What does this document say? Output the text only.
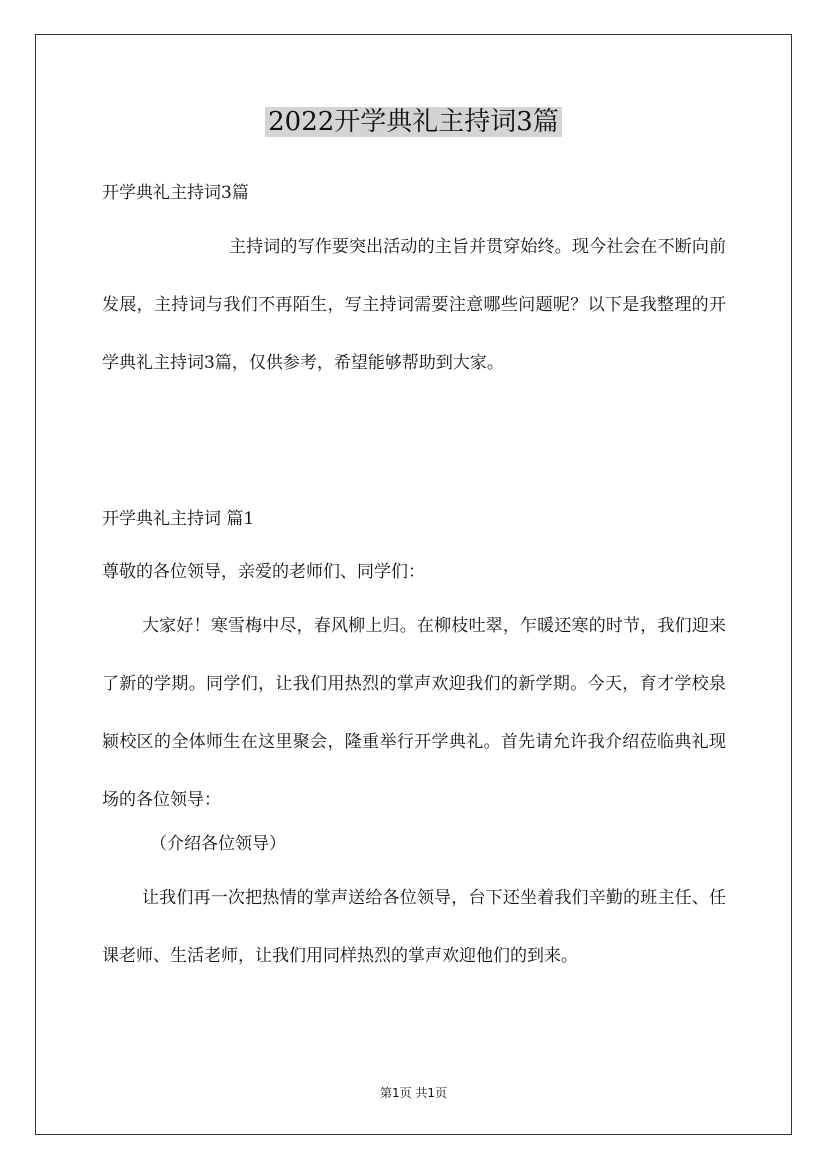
2022开学典礼主持词3篇
开学典礼主持词3篇
主持词的写作要突出活动的主旨并贯穿始终。现今社会在不断向前发展，主持词与我们不再陌生，写主持词需要注意哪些问题呢？以下是我整理的开学典礼主持词3篇，仅供参考，希望能够帮助到大家。
开学典礼主持词 篇1
尊敬的各位领导，亲爱的老师们、同学们：
大家好！寒雪梅中尽，春风柳上归。在柳枝吐翠，乍暖还寒的时节，我们迎来了新的学期。同学们，让我们用热烈的掌声欢迎我们的新学期。今天，育才学校泉颍校区的全体师生在这里聚会，隆重举行开学典礼。首先请允许我介绍莅临典礼现场的各位领导：
（介绍各位领导）
让我们再一次把热情的掌声送给各位领导，台下还坐着我们辛勤的班主任、任课老师、生活老师，让我们用同样热烈的掌声欢迎他们的到来。
第1页 共1页
